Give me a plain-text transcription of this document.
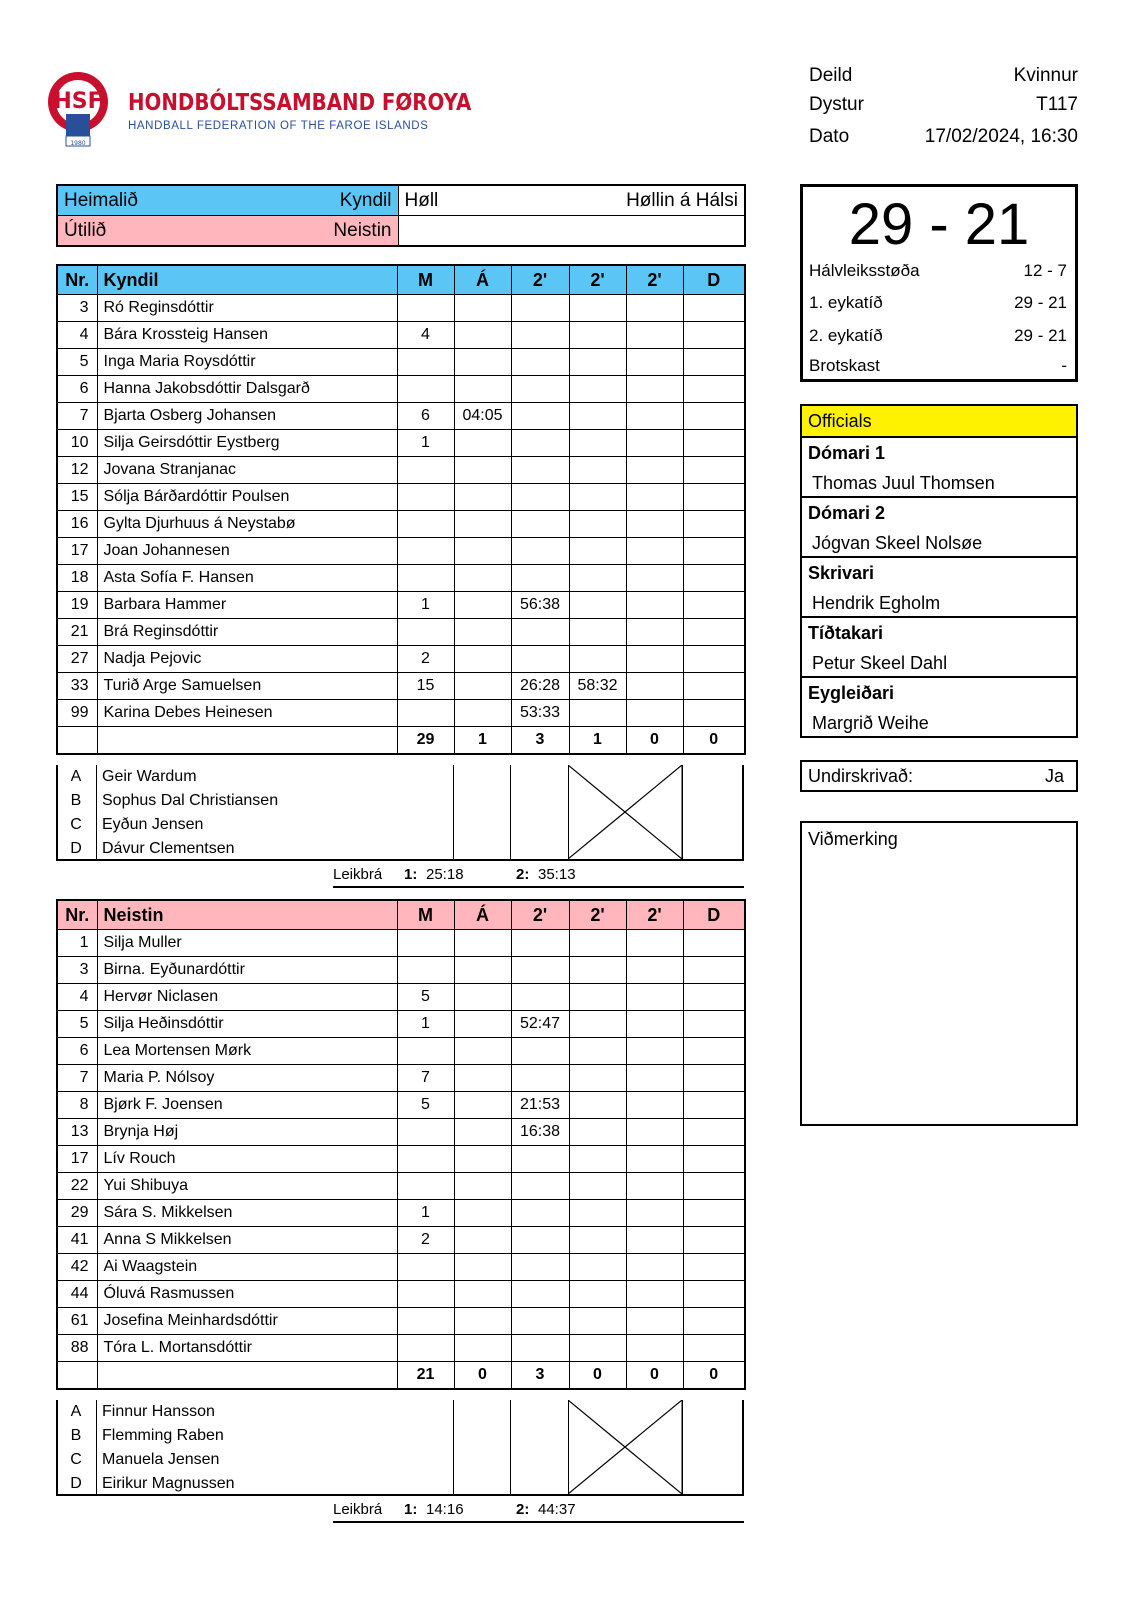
HSF
1980
HONDBÓLTSSAMBAND FØROYA
HANDBALL FEDERATION OF THE FAROE ISLANDS
Deild	Kvinnur
Dystur	T117
Dato	17/02/2024, 16:30
Heimalið Kyndil	Høll Høllin á Hálsi

Útilið Neistin	

Nr.	Kyndil	M	Á	2'	2'	2'	D
3	Ró Reginsdóttir						
4	Bára Krossteig Hansen	4					
5	Inga Maria Roysdóttir						
6	Hanna Jakobsdóttir Dalsgarð						
7	Bjarta Osberg Johansen	6	04:05				
10	Silja Geirsdóttir Eystberg	1					
12	Jovana Stranjanac						
15	Sólja Bárðardóttir Poulsen						
16	Gylta Djurhuus á Neystabø						
17	Joan Johannesen						
18	Asta Sofía F. Hansen						
19	Barbara Hammer	1		56:38			
21	Brá Reginsdóttir						
27	Nadja Pejovic	2					
33	Turið Arge Samuelsen	15		26:28	58:32		
99	Karina Debes Heinesen			53:33			
		29	1	3	1	0	0
A	Geir Wardum
B	Sophus Dal Christiansen
C	Eyðun Jensen
D	Dávur Clementsen
Leikbrá 1: 25:18	2: 35:13
Nr.	Neistin	M	Á	2'	2'	2'	D
1	Silja Muller						
3	Birna. Eyðunardóttir						
4	Hervør Niclasen	5					
5	Silja Heðinsdóttir	1		52:47			
6	Lea Mortensen Mørk						
7	Maria P. Nólsoy	7					
8	Bjørk F. Joensen	5		21:53			
13	Brynja Høj			16:38			
17	Lív Rouch						
22	Yui Shibuya						
29	Sára S. Mikkelsen	1					
41	Anna S Mikkelsen	2					
42	Ai Waagstein						
44	Óluvá Rasmussen						
61	Josefina Meinhardsdóttir						
88	Tóra L. Mortansdóttir						
		21	0	3	0	0	0
A	Finnur Hansson
B	Flemming Raben
C	Manuela Jensen
D	Eirikur Magnussen
Leikbrá 1: 14:16	2: 44:37
29 - 21
Hálvleiksstøða	12 - 7
1. eykatíð	29 - 21
2. eykatíð	29 - 21
Brotskast	-
Officials
Dómari 1
Thomas Juul Thomsen
Dómari 2
Jógvan Skeel Nolsøe
Skrivari
Hendrik Egholm
Tíðtakari
Petur Skeel Dahl
Eygleiðari
Margrið Weihe
Undirskrivað:	Ja
Viðmerking
